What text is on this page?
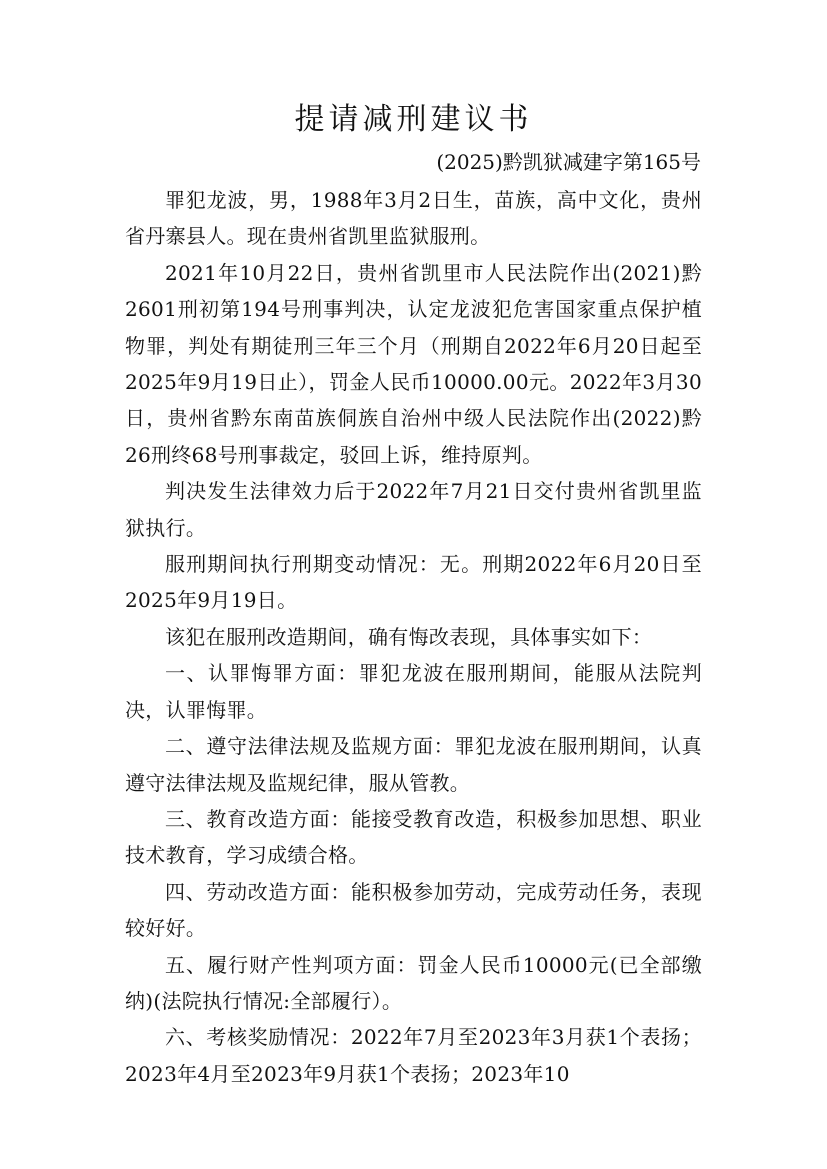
提请减刑建议书
(2025)黔凯狱减建字第165号

罪犯龙波，男，1988年3月2日生，苗族，高中文化，贵州省丹寨县人。现在贵州省凯里监狱服刑。

2021年10月22日，贵州省凯里市人民法院作出(2021)黔2601刑初第194号刑事判决，认定龙波犯危害国家重点保护植物罪，判处有期徒刑三年三个月（刑期自2022年6月20日起至2025年9月19日止），罚金人民币10000.00元。2022年3月30日，贵州省黔东南苗族侗族自治州中级人民法院作出(2022)黔26刑终68号刑事裁定，驳回上诉，维持原判。

判决发生法律效力后于2022年7月21日交付贵州省凯里监狱执行。

服刑期间执行刑期变动情况：无。刑期2022年6月20日至2025年9月19日。

该犯在服刑改造期间，确有悔改表现，具体事实如下：

一、认罪悔罪方面：罪犯龙波在服刑期间，能服从法院判决，认罪悔罪。

二、遵守法律法规及监规方面：罪犯龙波在服刑期间，认真遵守法律法规及监规纪律，服从管教。

三、教育改造方面：能接受教育改造，积极参加思想、职业技术教育，学习成绩合格。

四、劳动改造方面：能积极参加劳动，完成劳动任务，表现较好好。

五、履行财产性判项方面：罚金人民币10000元(已全部缴纳)(法院执行情况:全部履行）。

六、考核奖励情况：2022年7月至2023年3月获1个表扬；2023年4月至2023年9月获1个表扬；2023年10
